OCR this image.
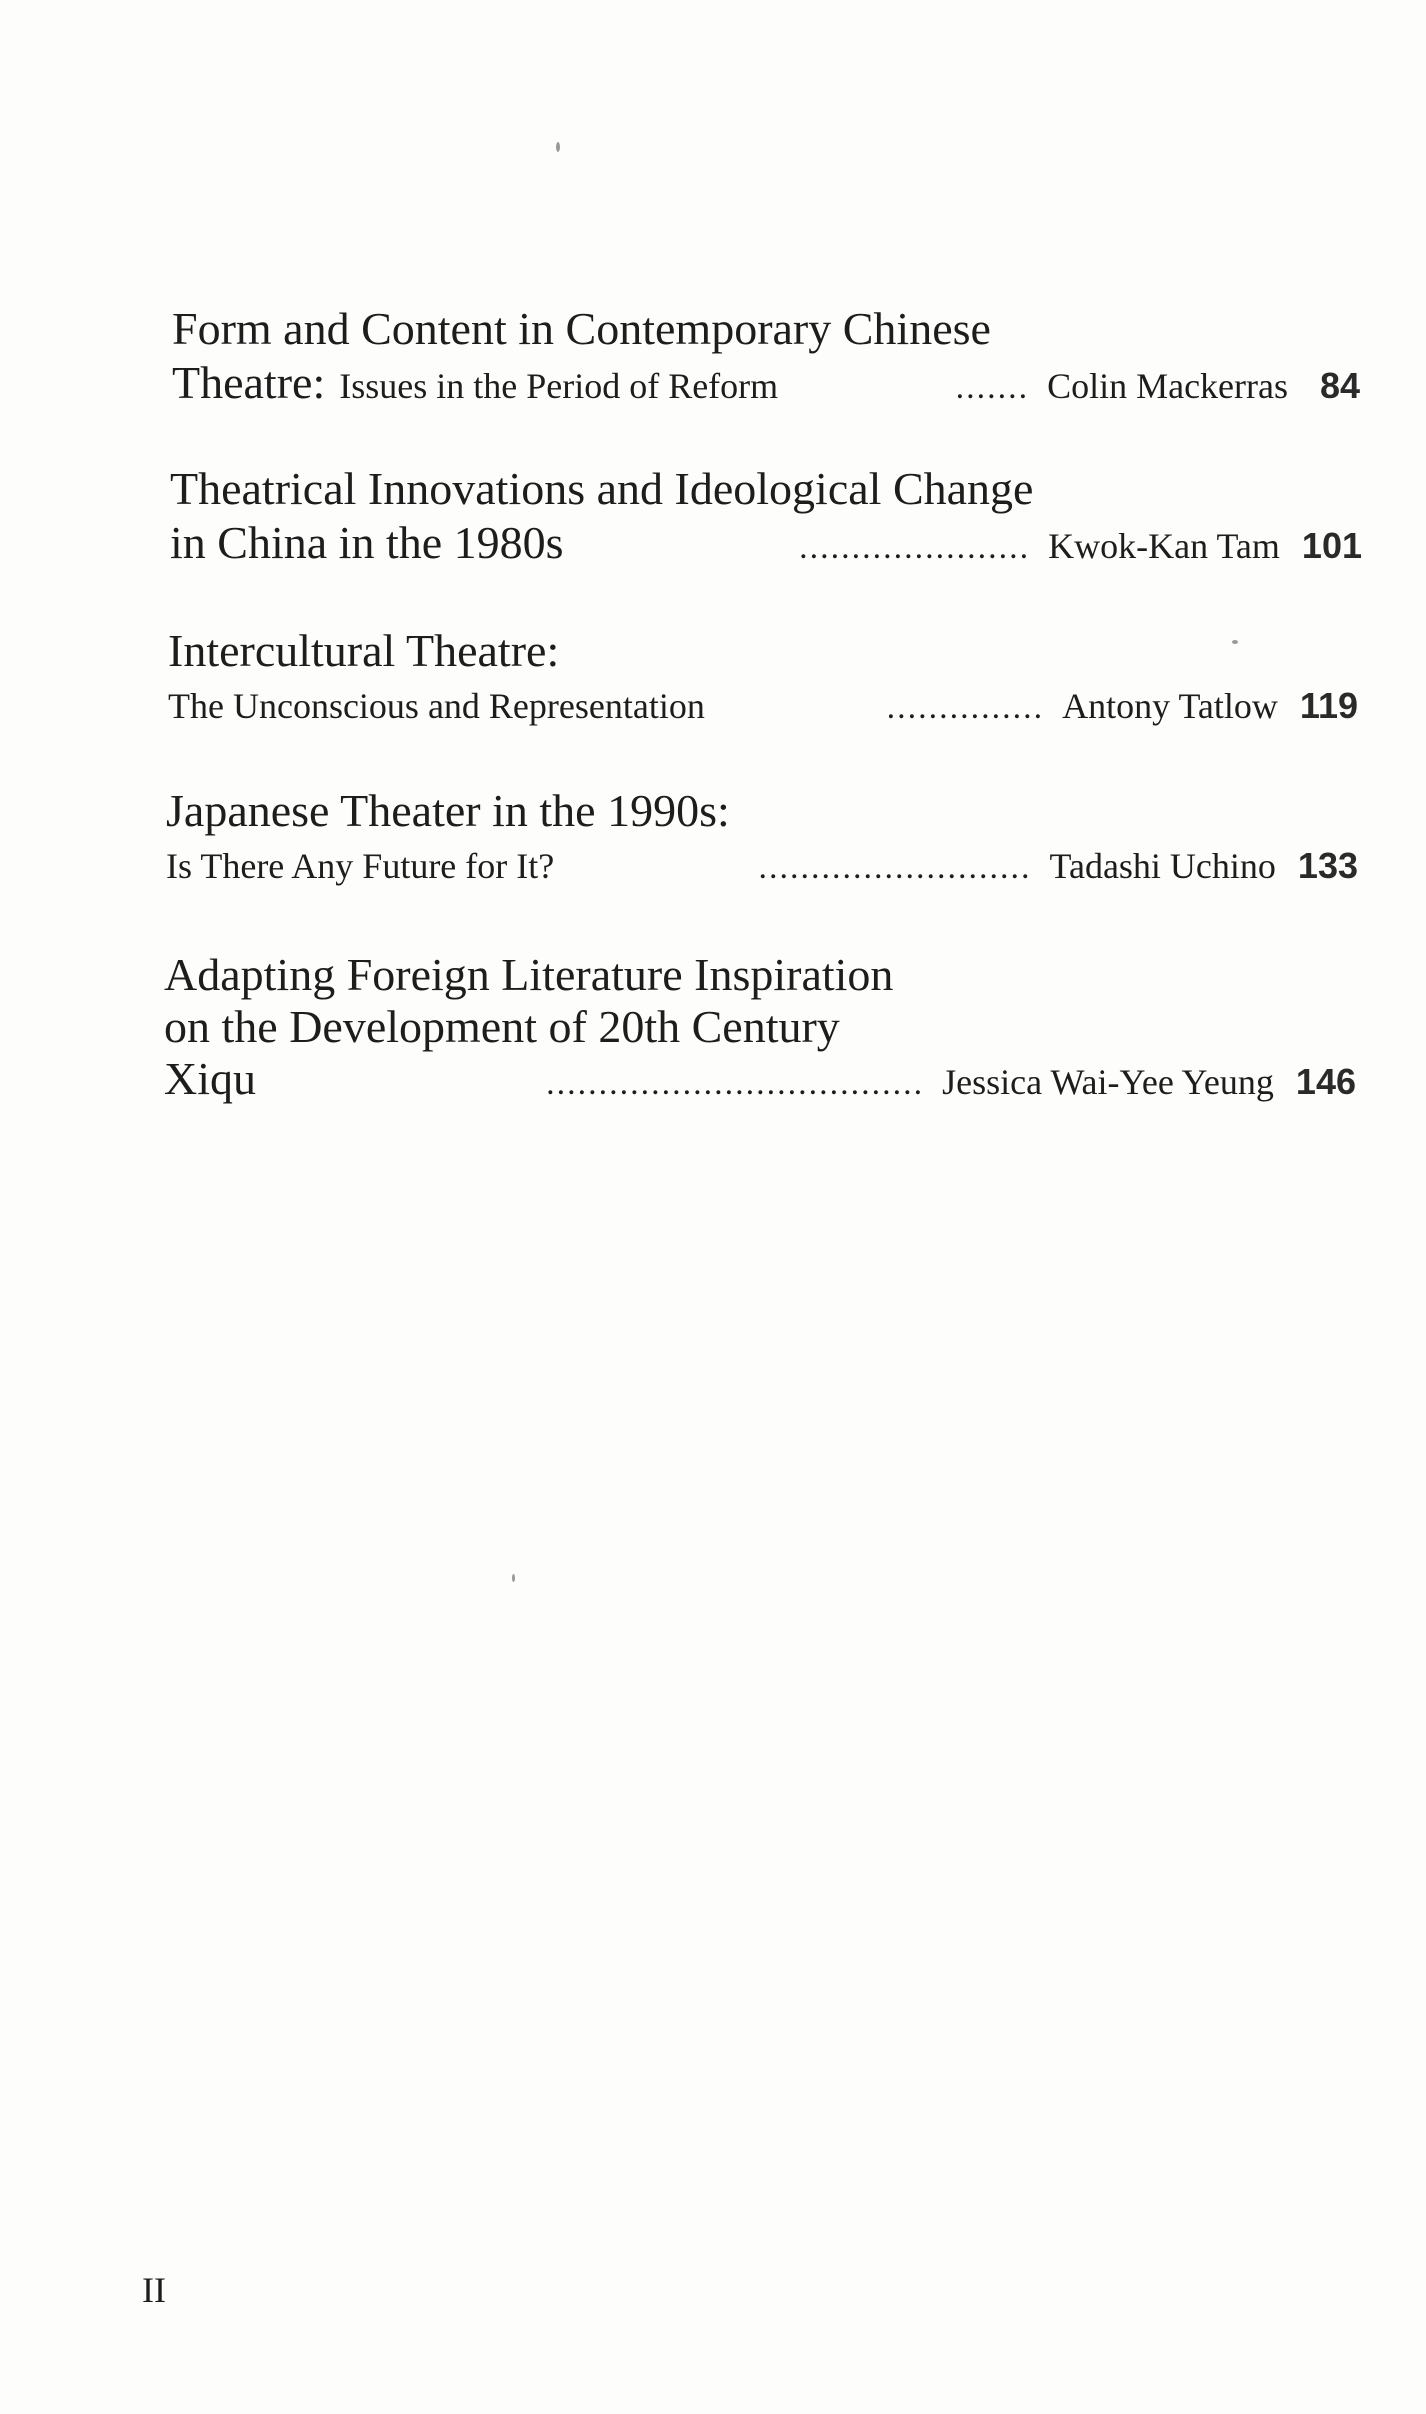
Form and Content in Contemporary Chinese
Theatre: Issues in the Period of Reform	....... Colin Mackerras 84
Theatrical Innovations and Ideological Change
in China in the 1980s	...................... Kwok-Kan Tam 101
Intercultural Theatre:
The Unconscious and Representation	............... Antony Tatlow 119
Japanese Theater in the 1990s:
Is There Any Future for It?	.......................... Tadashi Uchino 133
Adapting Foreign Literature Inspiration
on the Development of 20th Century
Xiqu	.................................... Jessica Wai-Yee Yeung 146
II
